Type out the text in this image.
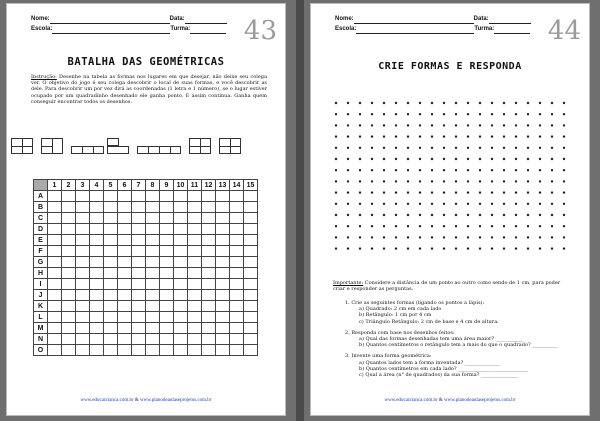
Nome:	Data:
Escola:	Turma: 43
BATALHA DAS GEOMÉTRICAS
Instrução: Desenhe na tabela as formas nos lugares em que desejar, não deixe seu colega ver. O objetivo do jogo é seu colega descobrir o local de suas formas, e você descobrir as dele. Para descobrir um por vez dirá as coordenadas (1 letra e 1 número), se o lugar estiver ocupado por um quadradinho desenhado ele ganha ponto. E assim continua. Ganha quem conseguir encontrar todos os desenhos.
	1	2	3	4	5	6	7	8	9	10	11	12	13	14	15
A															
B															
C															
D															
E															
F															
G															
H															
I															
J															
K															
L															
M															
N															
O															
www.educacrianca.com.br & www.planodeaulaseprojetos.com.br
Nome:	Data:
Escola:	Turma: 44
CRIE FORMAS E RESPONDA
Importante: Considere a distância de um ponto ao outro como sendo de 1 cm, para poder criar e responder as perguntas.

1. Crie as seguintes formas (ligando os pontos a lápis):

a) Quadrado: 2 cm em cada lado

b) Retângulo: 1 cm por 4 cm

c) Triângulo Retângulo: 2 cm de base e 4 cm de altura.

2. Responda com base nos desenhos feitos:

a) Qual das formas desenhadas tem uma área maior? ___________

b) Quantos centímetros o retângulo tem a mais do que o quadrado? __________

3. Invente uma forma geométrica:

a) Quantos lados tem a forma inventada? ______________

b) Quantos centímetros em cada lado? ____________________________

c) Qual a área (n° de quadrados) da sua forma? _______________

www.educacrianca.com.br & www.planodeaulaseprojetos.com.br
